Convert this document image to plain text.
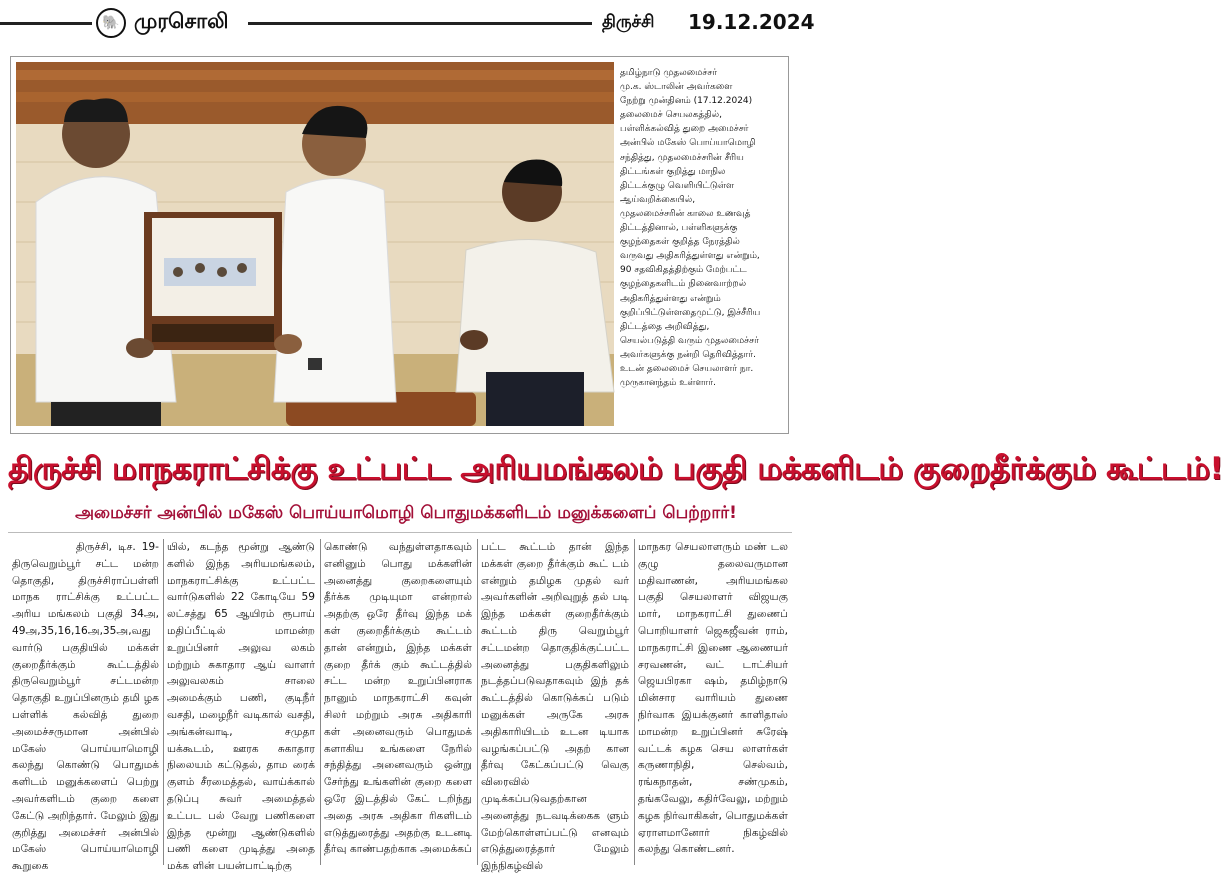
🐘 முரசொலி	திருச்சி 19.12.2024

தமிழ்நாடு முதலமைச்சர்

மு.க. ஸ்டாலின் அவர்களை

நேற்று முன்தினம் (17.12.2024)

தலைமைச் செயலகத்தில்,

பள்ளிக்கல்வித் துறை அமைச்சர்

அன்பில் மகேஸ் பொய்யாமொழி

சந்தித்து, முதலமைச்சரின் சீரிய

திட்டங்கள் குறித்து மாநில

திட்டக்குழு வெளியிட்டுள்ள

ஆய்வறிக்கையில்,

முதலமைச்சரின் காலை உணவுத்

திட்டத்தினால், பள்ளிகளுக்கு

குழந்தைகள் குறித்த நேரத்தில்

வருவது அதிகரித்துள்ளது என்றும்,

90 சதவிகிதத்திற்கும் மேற்பட்ட

குழந்தைகளிடம் நினைவாற்றல்

அதிகரித்துள்ளது என்றும்

குறிப்பிட்டுள்ளதைமுட்டு, இச்சீரிய

திட்டத்தை அறிவித்து,

செயல்படுத்தி வரும் முதலமைச்சர்

அவர்களுக்கு நன்றி தெரிவித்தார்.

உடன் தலைமைச் செயலாளர் நா.

முருகானந்தம் உள்ளார்.

திருச்சி மாநகராட்சிக்கு உட்பட்ட அரியமங்கலம் பகுதி மக்களிடம் குறைதீர்க்கும் கூட்டம்!
அமைச்சர் அன்பில் மகேஸ் பொய்யாமொழி பொதுமக்களிடம் மனுக்களைப் பெற்றார்!
திருச்சி, டிச. 19- திருவெறும்பூர் சட்ட மன்ற தொகுதி, திருச்சிராப்பள்ளி மாநக ராட்சிக்கு உட்பட்ட அரிய மங்கலம் பகுதி 34அ, 49அ,35,16,16அ,35அ,வது வார்டு பகுதியில் மக்கள் குறைதீர்க்கும் கூட்டத்தில் திருவெறும்பூர் சட்டமன்ற தொகுதி உறுப்பினரும் தமி ழக பள்ளிக் கல்வித் துறை அமைச்சருமான அன்பில் மகேஸ் பொய்யாமொழி கலந்து கொண்டு பொதுமக் களிடம் மனுக்களைப் பெற்று அவர்களிடம் குறை களை கேட்டு அறிந்தார். மேலும் இது குறித்து அமைச்சர் அன்பில் மகேஸ் பொய்யாமொழி கூறுகை
யில், கடந்த மூன்று ஆண்டு களில் இந்த அரியமங்கலம், மாநகராட்சிக்கு உட்பட்ட வார்டுகளில் 22 கோடியே 59 லட்சத்து 65 ஆயிரம் ரூபாய் மதிப்பீட்டில் மாமன்ற உறுப்பினர் அலுவ லகம் மற்றும் சுகாதார ஆய் வாளர் அலுவலகம் சாலை அமைக்கும் பணி, குடிநீர் வசதி, மழைநீர் வடிகால் வசதி, அங்கன்வாடி, சமுதா யக்கூடம், ஊரக சுகாதார நிலையம் கட்டுதல், தாம ரைக் குளம் சீரமைத்தல், வாய்க்கால் தடுப்பு சுவர் அமைத்தல் உட்பட பல் வேறு பணிகளை இந்த மூன்று ஆண்டுகளில் பணி களை முடித்து அதை மக்க ளின் பயன்பாட்டிற்கு
கொண்டு வந்துள்ளதாகவும் எனினும் பொது மக்களின் அனைத்து குறைகளையும் தீர்க்க முடியுமா என்றால் அதற்கு ஒரே தீர்வு இந்த மக் கள் குறைதீர்க்கும் கூட்டம் தான் என்றும், இந்த மக்கள் குறை தீர்க் கும் கூட்டத்தில் சட்ட மன்ற உறுப்பினராக நானும் மாநகராட்சி கவுன் சிலர் மற்றும் அரசு அதிகாரி கள் அனைவரும் பொதுமக் களாகிய உங்களை நேரில் சந்தித்து அனைவரும் ஒன்று சேர்ந்து உங்களின் குறை களை ஒரே இடத்தில் கேட் டறிந்து அதை அரசு அதிகா ரிகளிடம் எடுத்துரைத்து அதற்கு உடனடி தீர்வு காண்பதற்காக அமைக்கப்
பட்ட கூட்டம் தான் இந்த மக்கள் குறை தீர்க்கும் கூட் டம் என்றும் தமிழக முதல் வர் அவர்களின் அறிவுறுத் தல் படி இந்த மக்கள் குறைதீர்க்கும் கூட்டம் திரு வெறும்பூர் சட்டமன்ற தொகுதிக்குட்பட்ட அனைத்து பகுதிகளிலும் நடத்தப்படுவதாகவும் இந் தக் கூட்டத்தில் கொடுக்கப் படும் மனுக்கள் அருகே அரசு அதிகாரியிடம் உடன டியாக வழங்கப்பட்டு அதற் கான தீர்வு கேட்கப்பட்டு வெகு விரைவில் முடிக்கப்படுவதற்கான அனைத்து நடவடிக்கைக ளும் மேற்கொள்ளப்பட்டு எனவும் எடுத்துரைத்தார் மேலும் இந்நிகழ்வில்
மாநகர செயலாளரும் மண் டல குழு தலைவருமான மதிவாணன், அரியமங்கல பகுதி செயலாளர் விஜயகு மார், மாநகராட்சி துணைப் பொறியாளர் ஜெகஜீவன் ராம், மாநகராட்சி இணை ஆணையர் சரவணன், வட் டாட்சியர் ஜெயபிரகா ஷம், தமிழ்நாடு மின்சார வாரியம் துணை நிர்வாக இயக்குனர் காளிதாஸ் மாமன்ற உறுப்பினர் சுரேஷ் வட்டக் கழக செய லாளர்கள் கருணாநிதி, செல்வம், ரங்கநாதன், சண்முகம், தங்கவேலு, கதிர்வேலு, மற்றும் கழக நிர்வாகிகள், பொதுமக்கள் ஏராளமானோர் நிகழ்வில் கலந்து கொண்டனர்.
